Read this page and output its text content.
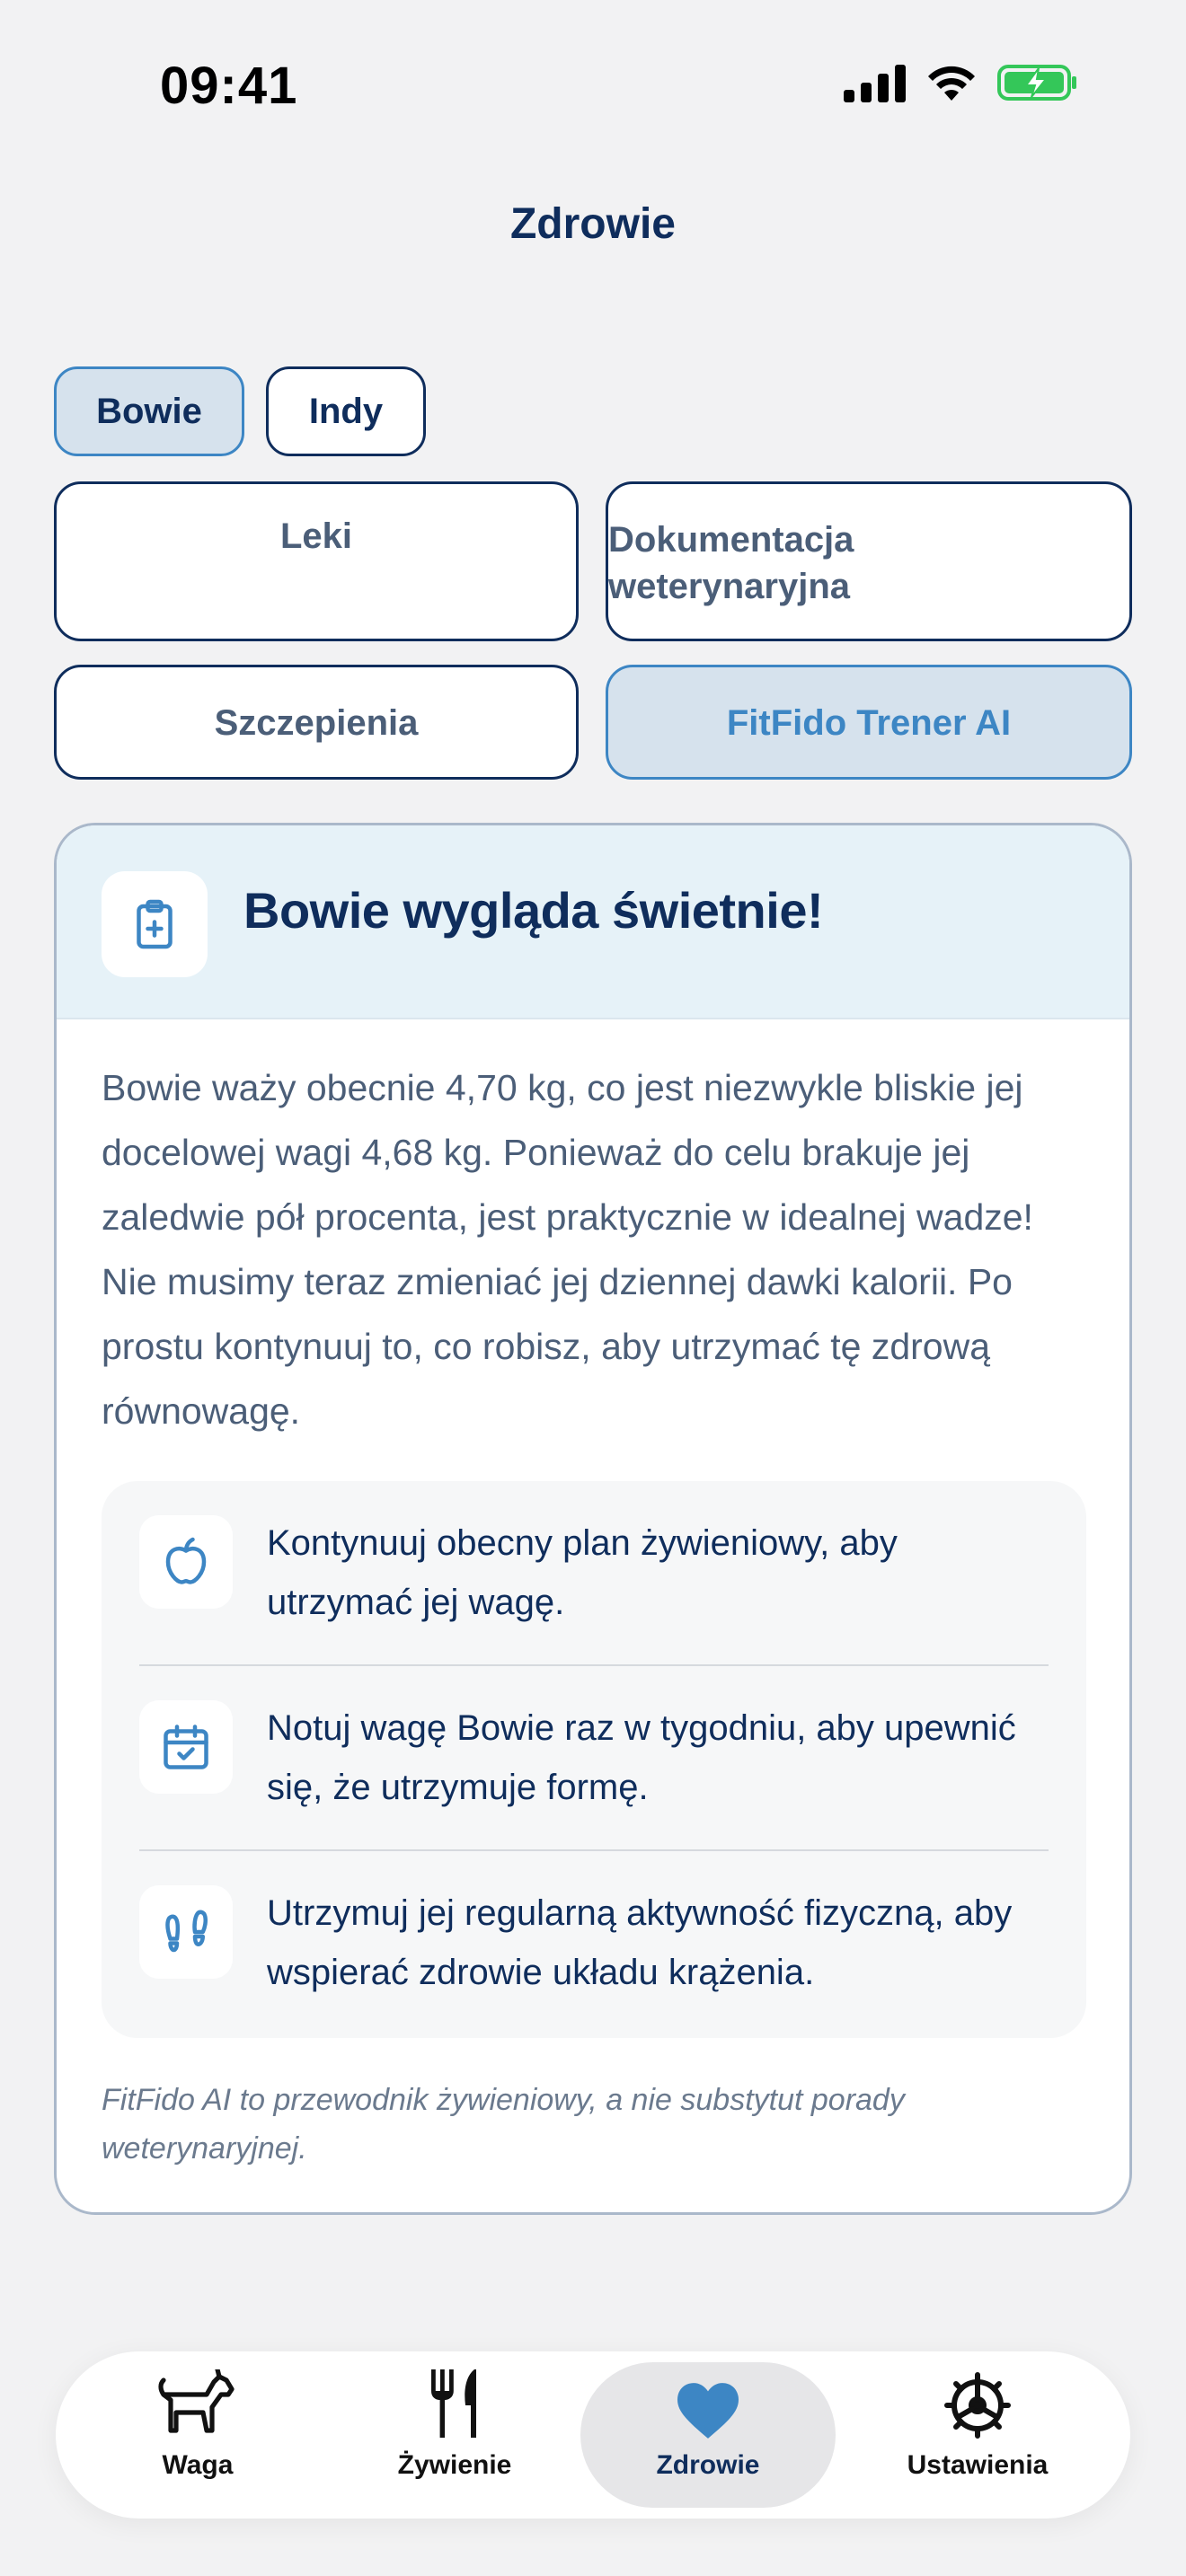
09:41
Zdrowie
Bowie	Indy
Leki	Dokumentacja weterynaryjna
Szczepienia	FitFido Trener AI
Bowie wygląda świetnie!
Bowie waży obecnie 4,70 kg, co jest niezwykle bliskie jej docelowej wagi 4,68 kg. Ponieważ do celu brakuje jej zaledwie pół procenta, jest praktycznie w idealnej wadze! Nie musimy teraz zmieniać jej dziennej dawki kalorii. Po prostu kontynuuj to, co robisz, aby utrzymać tę zdrową równowagę.
Kontynuuj obecny plan żywieniowy, aby utrzymać jej wagę.
Notuj wagę Bowie raz w tygodniu, aby upewnić się, że utrzymuje formę.
Utrzymuj jej regularną aktywność fizyczną, aby wspierać zdrowie układu krążenia.
FitFido AI to przewodnik żywieniowy, a nie substytut porady weterynaryjnej.
Waga	Żywienie	Zdrowie	Ustawienia
